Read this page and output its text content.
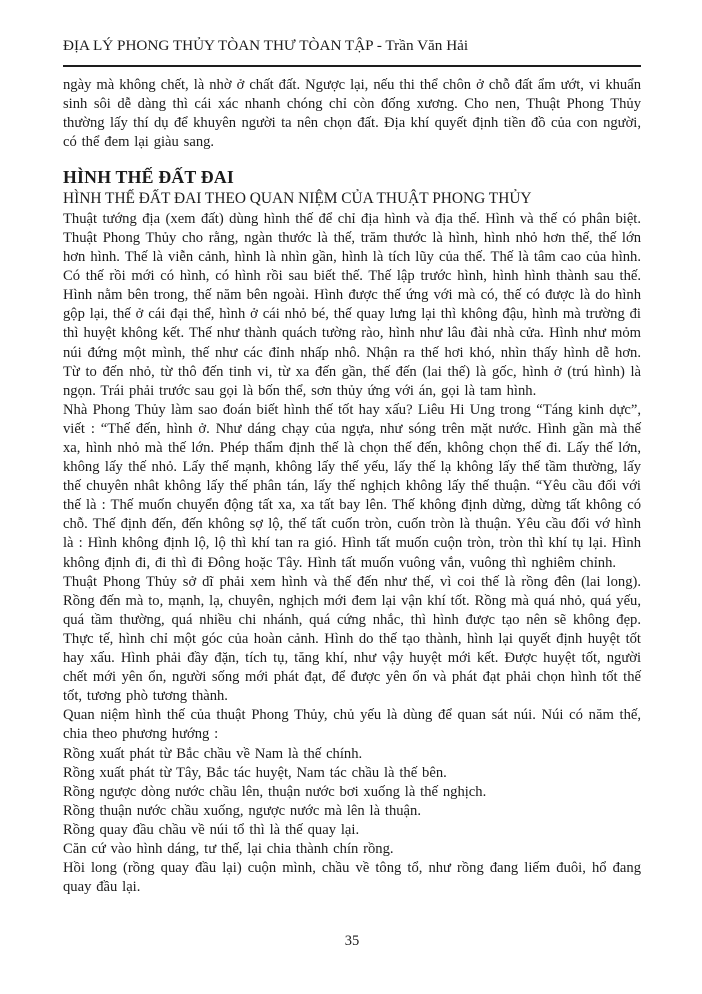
ĐỊA LÝ PHONG THỦY TÒAN THƯ TÒAN TẬP - Trần Văn Hải

ngày mà không chết, là nhờ ở chất đất. Ngược lại, nếu thi thể chôn ở chỗ đất ẩm ướt, vi khuẩn sinh sôi dễ dàng thì cái xác nhanh chóng chỉ còn đống xương. Cho nen, Thuật Phong Thủy thường lấy thí dụ để khuyên người ta nên chọn đất. Địa khí quyết định tiền đồ của con người, có thể đem lại giàu sang.

HÌNH THẾ ĐẤT ĐAI
HÌNH THẾ ĐẤT ĐAI THEO QUAN NIỆM CỦA THUẬT PHONG THỦY

Thuật tướng địa (xem đất) dùng hình thế để chỉ địa hình và địa thế. Hình và thế có phân biệt. Thuật Phong Thủy cho rằng, ngàn thước là thế, trăm thước là hình, hình nhỏ hơn thế, thế lớn hơn hình. Thế là viễn cảnh, hình là nhìn gần, hình là tích lũy của thế. Thế là tâm cao của hình. Có thế rồi mới có hình, có hình rồi sau biết thế. Thế lập trước hình, hình hình thành sau thế. Hình nằm bên trong, thế năm bên ngoài. Hình được thế ứng với mà có, thế có được là do hình gộp lại, thế ở cái đại thể, hình ở cái nhỏ bé, thế quay lưng lại thì không đậu, hình mà trường đi thì huyệt không kết. Thế như thành quách tường rào, hình như lâu đài nhà cửa. Hình như mỏm núi đứng một mình, thế như các đỉnh nhấp nhô. Nhận ra thế hơi khó, nhìn thấy hình dễ hơn. Từ to đến nhỏ, từ thô đến tinh vi, từ xa đến gần, thế đến (lai thế) là gốc, hình ở (trú hình) là ngọn. Trái phải trước sau gọi là bốn thể, sơn thủy ứng với án, gọi là tam hình.

Nhà Phong Thủy làm sao đoán biết hình thế tốt hay xấu? Liêu Hi Ung trong “Táng kinh dực”, viết : “Thế đến, hình ở. Như dáng chạy của ngựa, như sóng trên mặt nước. Hình gần mà thế xa, hình nhỏ mà thế lớn. Phép thẩm định thế là chọn thế đến, không chọn thế đi. Lấy thế lớn, không lấy thế nhỏ. Lấy thế mạnh, không lấy thế yếu, lấy thế lạ không lấy thế tầm thường, lấy thế chuyên nhât không lấy thế phân tán, lấy thế nghịch không lấy thế thuận. “Yêu cầu đối với thế là : Thế muốn chuyển động tất xa, xa tất bay lên. Thế không định dừng, dừng tất không có chỗ. Thế định đến, đến không sợ lộ, thế tất cuốn tròn, cuốn tròn là thuận. Yêu cầu đối vớ hình là : Hình không định lộ, lộ thì khí tan ra gió. Hình tất muốn cuộn tròn, tròn thì khí tụ lại. Hình không định đi, đi thì đi Đông hoặc Tây. Hình tất muốn vuông vắn, vuông thì nghiêm chỉnh.

Thuật Phong Thủy sở dĩ phải xem hình và thế đến như thế, vì coi thế là rồng đên (lai long). Rồng đến mà to, mạnh, lạ, chuyên, nghịch mới đem lại vận khí tốt. Rồng mà quá nhỏ, quá yếu, quá tầm thường, quá nhiều chi nhánh, quá cứng nhắc, thì hình được tạo nên sẽ không đẹp. Thực tế, hình chỉ một góc của hoàn cảnh. Hình do thế tạo thành, hình lại quyết định huyệt tốt hay xấu. Hình phải đầy đặn, tích tụ, tăng khí, như vậy huyệt mới kết. Được huyệt tốt, người chết mới yên ổn, người sống mới phát đạt, để được yên ổn và phát đạt phải chọn hình tốt thế tốt, tương phò tương thành.

Quan niệm hình thế của thuật Phong Thủy, chủ yếu là dùng để quan sát núi. Núi có năm thế, chia theo phương hướng :

Rồng xuất phát từ Bắc chầu về Nam là thế chính.

Rồng xuất phát từ Tây, Bắc tác huyệt, Nam tác chầu là thế bên.

Rồng ngược dòng nước chầu lên, thuận nước bơi xuống là thế nghịch.

Rồng thuận nước chầu xuống, ngược nước mà lên là thuận.

Rồng quay đầu chầu về núi tổ thì là thế quay lại.

Căn cứ vào hình dáng, tư thế, lại chia thành chín rồng.

Hồi long (rồng quay đầu lại) cuộn mình, chầu về tông tổ, như rồng đang liếm đuôi, hổ đang quay đầu lại.

35
